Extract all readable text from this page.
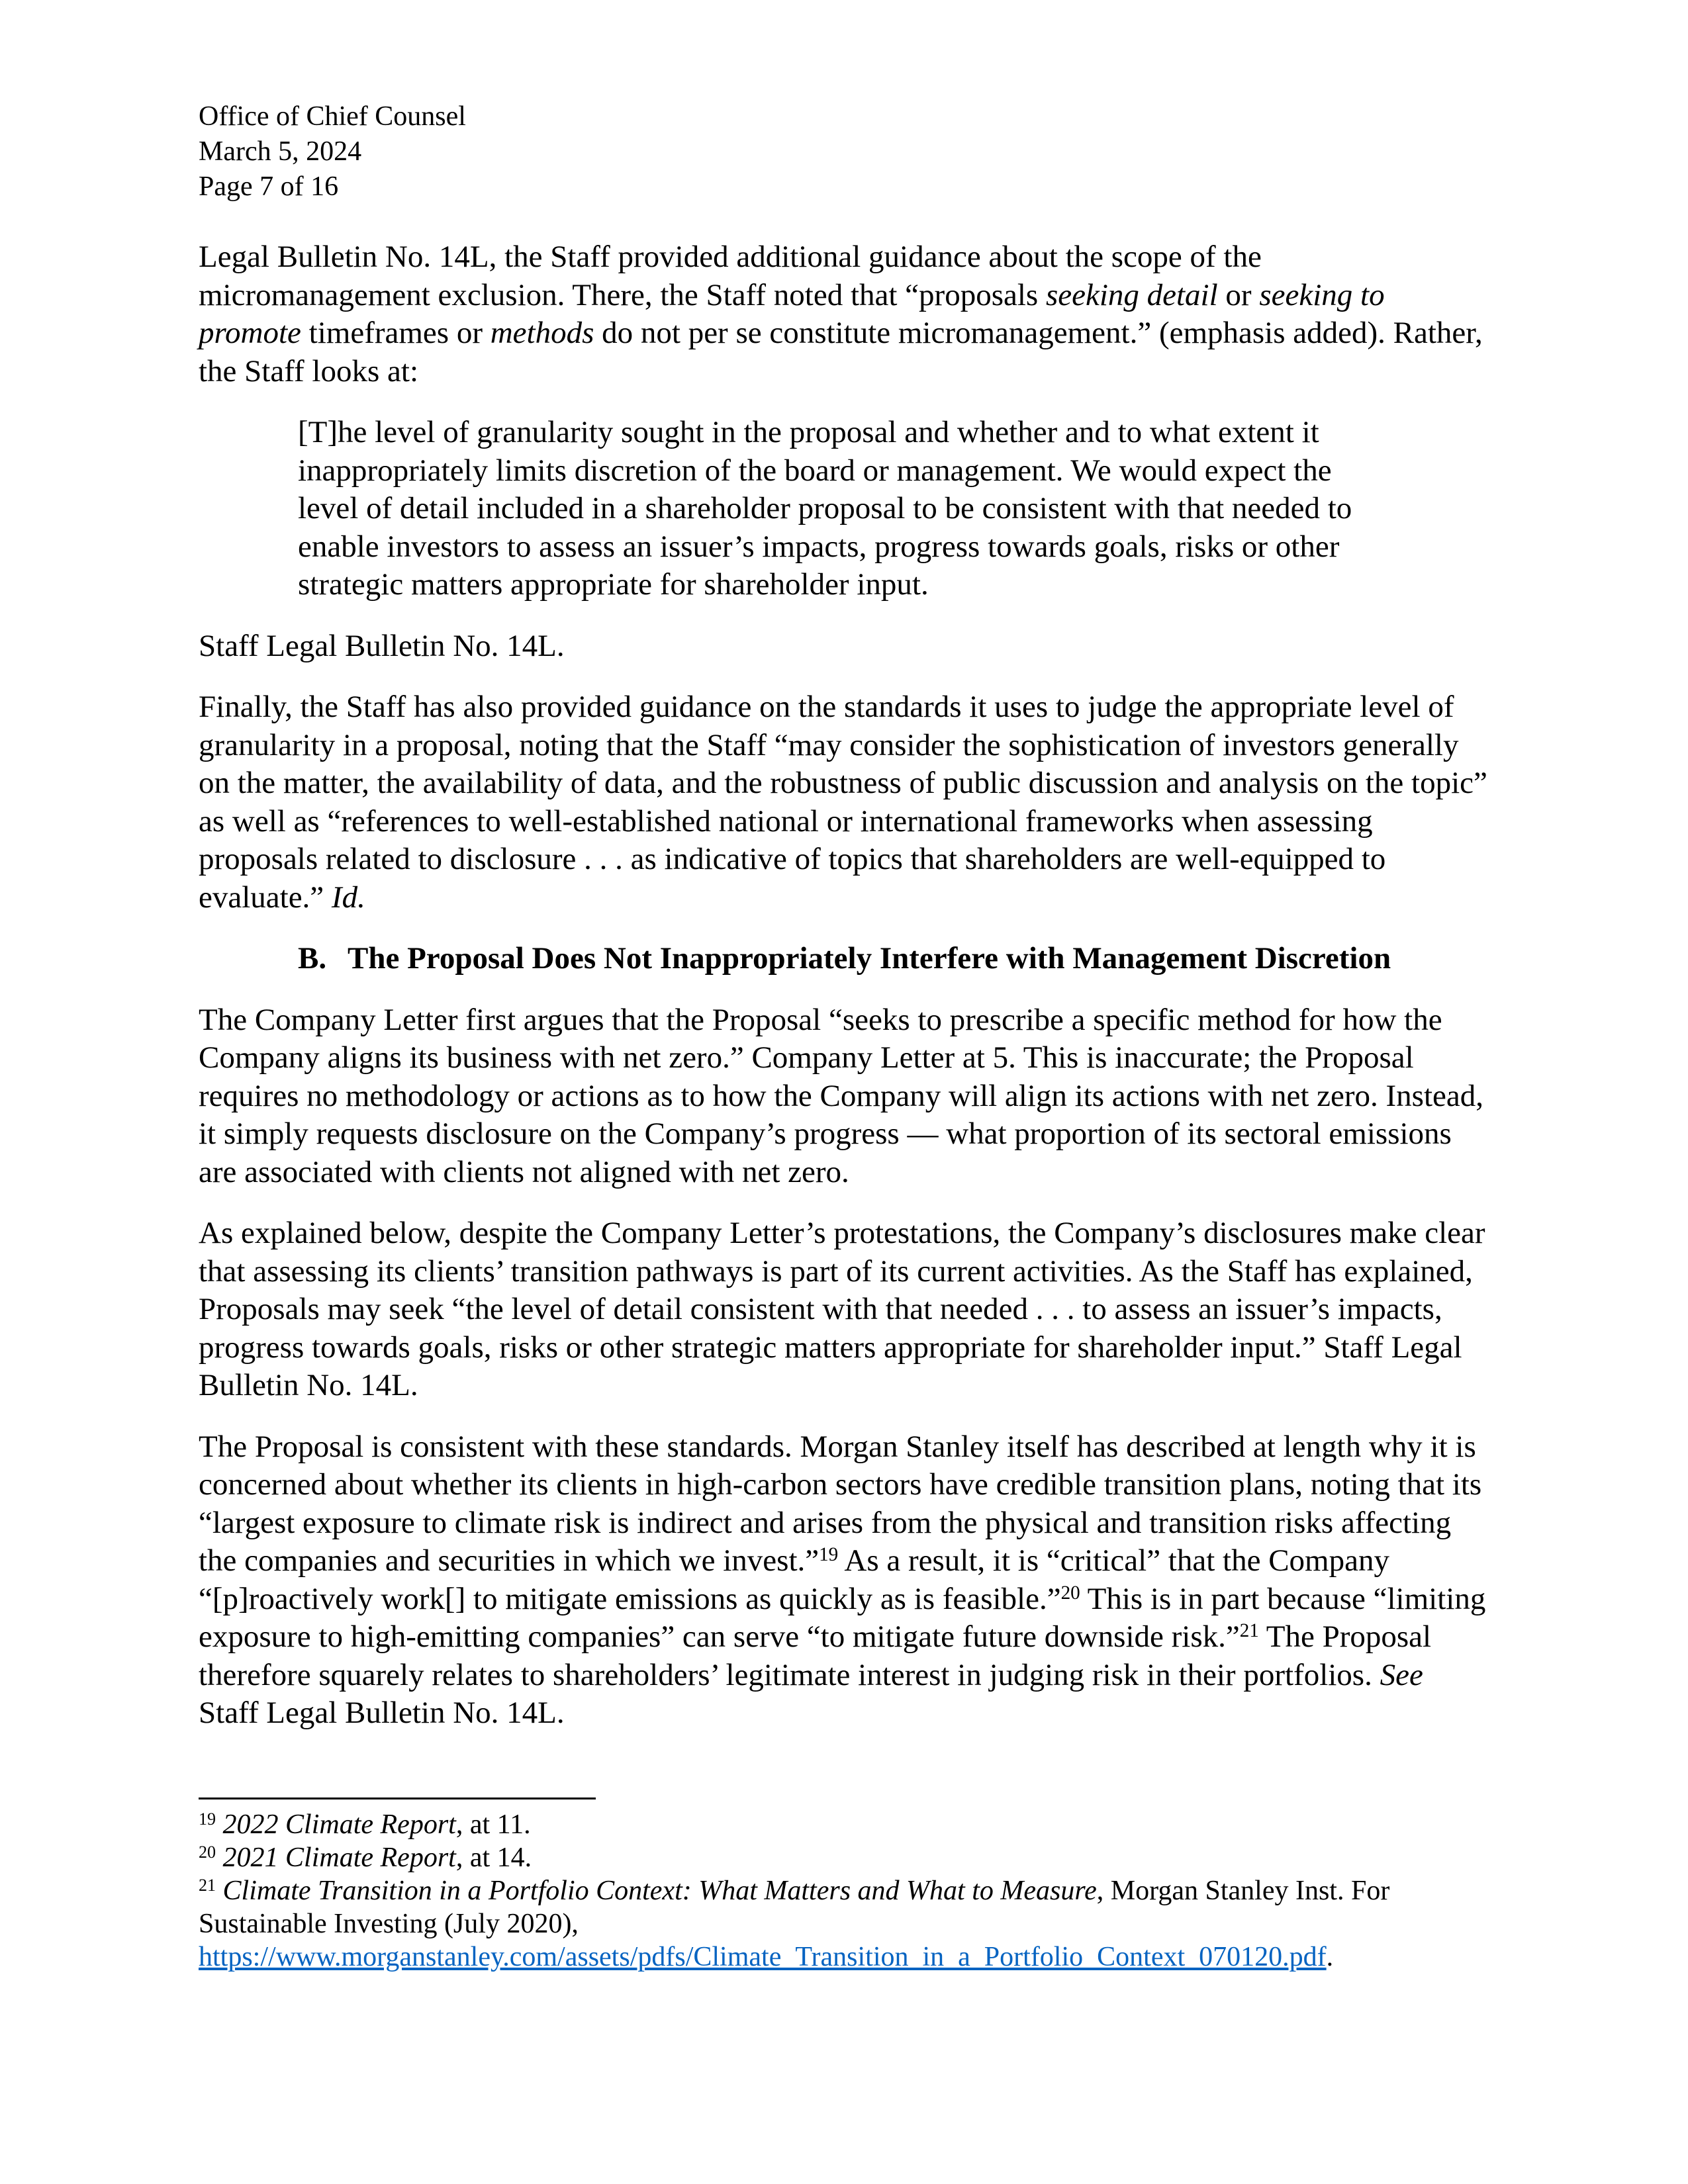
Office of Chief Counsel
March 5, 2024
Page 7 of 16

Legal Bulletin No. 14L, the Staff provided additional guidance about the scope of the micromanagement exclusion. There, the Staff noted that “proposals seeking detail or seeking to promote timeframes or methods do not per se constitute micromanagement.” (emphasis added). Rather, the Staff looks at:

[T]he level of granularity sought in the proposal and whether and to what extent it inappropriately limits discretion of the board or management. We would expect the level of detail included in a shareholder proposal to be consistent with that needed to enable investors to assess an issuer’s impacts, progress towards goals, risks or other strategic matters appropriate for shareholder input.

Staff Legal Bulletin No. 14L.

Finally, the Staff has also provided guidance on the standards it uses to judge the appropriate level of granularity in a proposal, noting that the Staff “may consider the sophistication of investors generally on the matter, the availability of data, and the robustness of public discussion and analysis on the topic” as well as “references to well-established national or international frameworks when assessing proposals related to disclosure . . . as indicative of topics that shareholders are well-equipped to evaluate.” Id.

B. The Proposal Does Not Inappropriately Interfere with Management Discretion

The Company Letter first argues that the Proposal “seeks to prescribe a specific method for how the Company aligns its business with net zero.” Company Letter at 5. This is inaccurate; the Proposal requires no methodology or actions as to how the Company will align its actions with net zero. Instead, it simply requests disclosure on the Company’s progress — what proportion of its sectoral emissions are associated with clients not aligned with net zero.

As explained below, despite the Company Letter’s protestations, the Company’s disclosures make clear that assessing its clients’ transition pathways is part of its current activities. As the Staff has explained, Proposals may seek “the level of detail consistent with that needed . . . to assess an issuer’s impacts, progress towards goals, risks or other strategic matters appropriate for shareholder input.” Staff Legal Bulletin No. 14L.

The Proposal is consistent with these standards. Morgan Stanley itself has described at length why it is concerned about whether its clients in high-carbon sectors have credible transition plans, noting that its “largest exposure to climate risk is indirect and arises from the physical and transition risks affecting the companies and securities in which we invest.”$^{19}$ As a result, it is “critical” that the Company “[p]roactively work[] to mitigate emissions as quickly as is feasible.”$^{20}$ This is in part because “limiting exposure to high-emitting companies” can serve “to mitigate future downside risk.”$^{21}$ The Proposal therefore squarely relates to shareholders’ legitimate interest in judging risk in their portfolios. See Staff Legal Bulletin No. 14L.

$^{19}$ 2022 Climate Report, at 11.

$^{20}$ 2021 Climate Report, at 14.

$^{21}$ Climate Transition in a Portfolio Context: What Matters and What to Measure, Morgan Stanley Inst. For Sustainable Investing (July 2020),
https://www.morganstanley.com/assets/pdfs/Climate_Transition_in_a_Portfolio_Context_070120.pdf.
